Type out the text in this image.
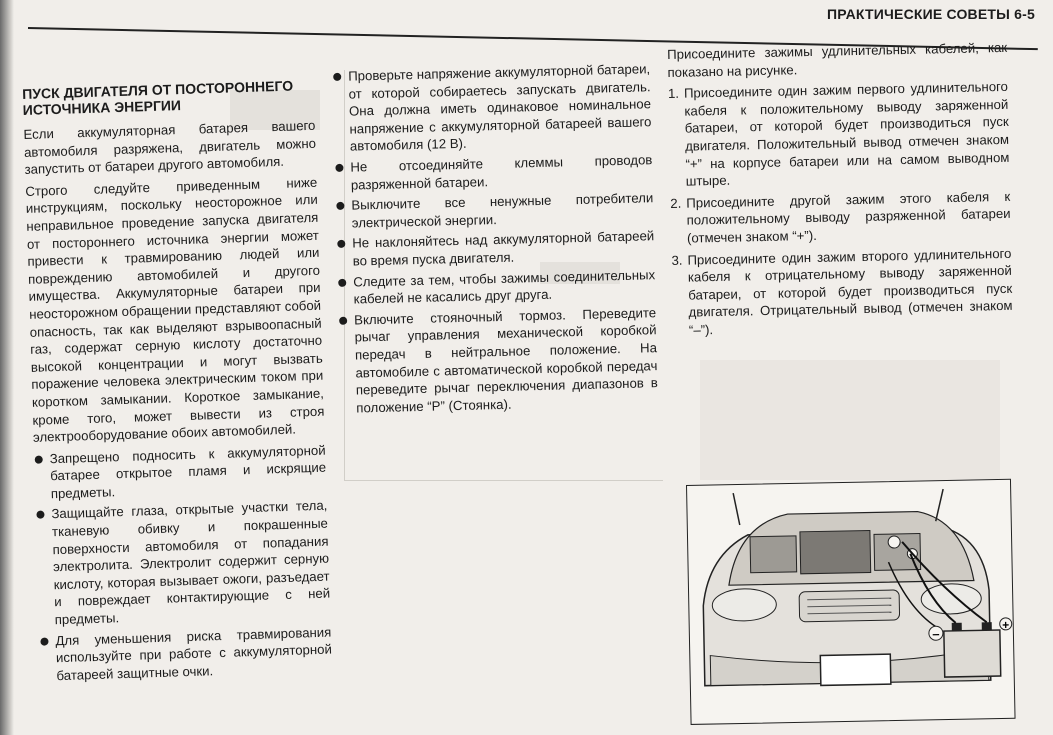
ПРАКТИЧЕСКИЕ СОВЕТЫ 6-5
ПУСК ДВИГАТЕЛЯ ОТ ПОСТОРОННЕГО ИСТОЧНИКА ЭНЕРГИИ

Если аккумуляторная батарея вашего автомобиля разряжена, двигатель можно запустить от батареи другого автомобиля.

Строго следуйте приведенным ниже инструкциям, поскольку неосторожное или неправильное проведение запуска двигателя от постороннего источника энергии может привести к травмированию людей или повреждению автомобилей и другого имущества. Аккумуляторные батареи при неосторожном обращении представляют собой опасность, так как выделяют взрывоопасный газ, содержат серную кислоту достаточно высокой концентрации и могут вызвать поражение человека электрическим током при коротком замыкании. Короткое замыкание, кроме того, может вывести из строя электрооборудование обоих автомобилей.

Запрещено подносить к аккумуляторной батарее открытое пламя и искрящие предметы.
Защищайте глаза, открытые участки тела, тканевую обивку и покрашенные поверхности автомобиля от попадания электролита. Электролит содержит серную кислоту, которая вызывает ожоги, разъедает и повреждает контактирующие с ней предметы.
Для уменьшения риска травмирования используйте при работе с аккумуляторной батареей защитные очки.
Проверьте напряжение аккумуляторной батареи, от которой собираетесь запускать двигатель. Она должна иметь одинаковое номинальное напряжение с аккумуляторной батареей вашего автомобиля (12 В).
Не отсоединяйте клеммы проводов разряженной батареи.
Выключите все ненужные потребители электрической энергии.
Не наклоняйтесь над аккумуляторной батареей во время пуска двигателя.
Следите за тем, чтобы зажимы соединительных кабелей не касались друг друга.
Включите стояночный тормоз. Переведите рычаг управления механической коробкой передач в нейтральное положение. На автомобиле с автоматической коробкой передач переведите рычаг переключения диапазонов в положение “P” (Стоянка).

Присоедините зажимы удлинительных кабелей, как показано на рисунке.

1. Присоедините один зажим первого удлинительного кабеля к положительному выводу заряженной батареи, от которой будет производиться пуск двигателя. Положительный вывод отмечен знаком “+” на корпусе батареи или на самом выводном штыре.
2. Присоедините другой зажим этого кабеля к положительному выводу разряженной батареи (отмечен знаком “+”).
3. Присоедините один зажим второго удлинительного кабеля к отрицательному выводу заряженной батареи, от которой будет производиться пуск двигателя. Отрицательный вывод (отмечен знаком “–”).
–
+
